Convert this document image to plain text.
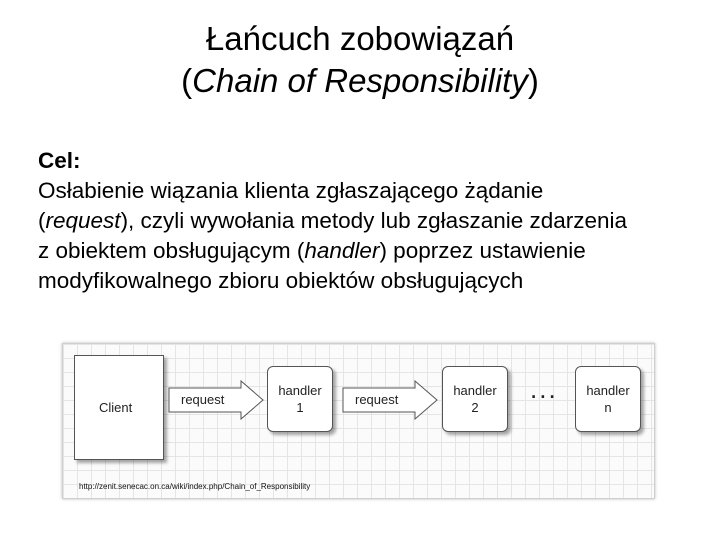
Łańcuch zobowiązań
(Chain of Responsibility)
Cel:
Osłabienie wiązania klienta zgłaszającego żądanie
(request), czyli wywołania metody lub zgłaszanie zdarzenia
z obiektem obsługującym (handler) poprzez ustawienie
modyfikowalnego zbioru obiektów obsługujących
Client
request
handler
1
request
handler
2
... handler
n
http://zenit.senecac.on.ca/wiki/index.php/Chain_of_Responsibility
